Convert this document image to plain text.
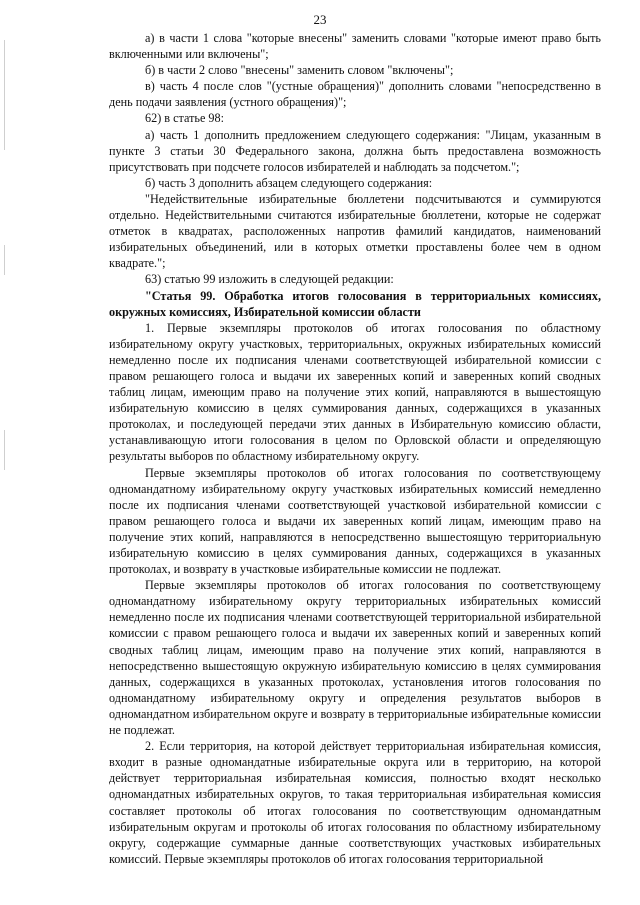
23

а) в части 1 слова "которые внесены" заменить словами "которые имеют право быть включенными или включены";

б) в части 2 слово "внесены" заменить словом "включены";

в) часть 4 после слов "(устные обращения)" дополнить словами "непосредственно в день подачи заявления (устного обращения)";

62) в статье 98:

а) часть 1 дополнить предложением следующего содержания: "Лицам, указанным в пункте 3 статьи 30 Федерального закона, должна быть предоставлена возможность присутствовать при подсчете голосов избирателей и наблюдать за подсчетом.";

б) часть 3 дополнить абзацем следующего содержания:

"Недействительные избирательные бюллетени подсчитываются и суммируются отдельно. Недействительными считаются избирательные бюллетени, которые не содержат отметок в квадратах, расположенных напротив фамилий кандидатов, наименований избирательных объединений, или в которых отметки проставлены более чем в одном квадрате.";

63) статью 99 изложить в следующей редакции:

"Статья 99. Обработка итогов голосования в территориальных комиссиях, окружных комиссиях, Избирательной комиссии области

1. Первые экземпляры протоколов об итогах голосования по областному избирательному округу участковых, территориальных, окружных избирательных комиссий немедленно после их подписания членами соответствующей избирательной комиссии с правом решающего голоса и выдачи их заверенных копий и заверенных копий сводных таблиц лицам, имеющим право на получение этих копий, направляются в вышестоящую избирательную комиссию в целях суммирования данных, содержащихся в указанных протоколах, и последующей передачи этих данных в Избирательную комиссию области, устанавливающую итоги голосования в целом по Орловской области и определяющую результаты выборов по областному избирательному округу.

Первые экземпляры протоколов об итогах голосования по соответствующему одномандатному избирательному округу участковых избирательных комиссий немедленно после их подписания членами соответствующей участковой избирательной комиссии с правом решающего голоса и выдачи их заверенных копий лицам, имеющим право на получение этих копий, направляются в непосредственно вышестоящую территориальную избирательную комиссию в целях суммирования данных, содержащихся в указанных протоколах, и возврату в участковые избирательные комиссии не подлежат.

Первые экземпляры протоколов об итогах голосования по соответствующему одномандатному избирательному округу территориальных избирательных комиссий немедленно после их подписания членами соответствующей территориальной избирательной комиссии с правом решающего голоса и выдачи их заверенных копий и заверенных копий сводных таблиц лицам, имеющим право на получение этих копий, направляются в непосредственно вышестоящую окружную избирательную комиссию в целях суммирования данных, содержащихся в указанных протоколах, установления итогов голосования по одномандатному избирательному округу и определения результатов выборов в одномандатном избирательном округе и возврату в территориальные избирательные комиссии не подлежат.

2. Если территория, на которой действует территориальная избирательная комиссия, входит в разные одномандатные избирательные округа или в территорию, на которой действует территориальная избирательная комиссия, полностью входят несколько одномандатных избирательных округов, то такая территориальная избирательная комиссия составляет протоколы об итогах голосования по соответствующим одномандатным избирательным округам и протоколы об итогах голосования по областному избирательному округу, содержащие суммарные данные соответствующих участковых избирательных комиссий. Первые экземпляры протоколов об итогах голосования территориальной
